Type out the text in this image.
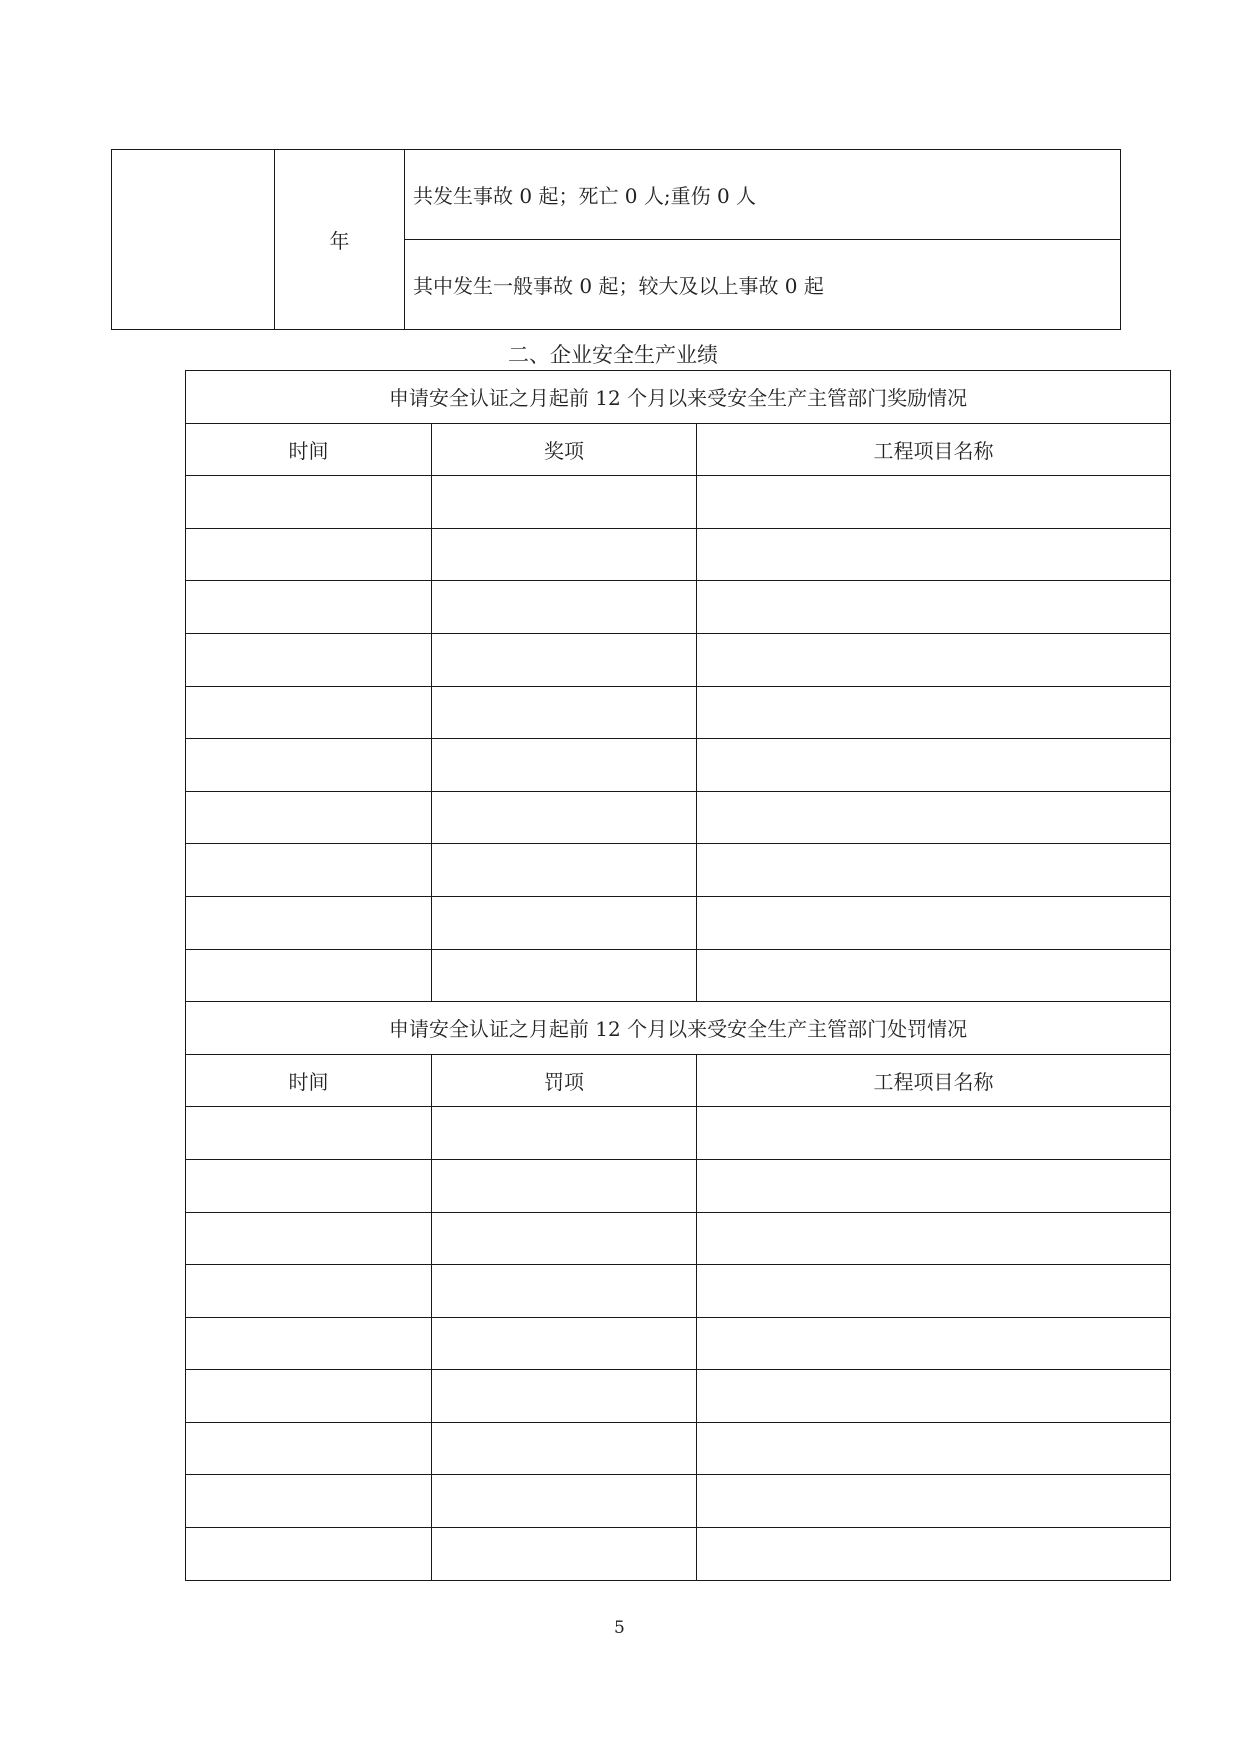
	年	共发生事故 0 起；死亡 0 人;重伤 0 人
其中发生一般事故 0 起；较大及以上事故 0 起
二、企业安全生产业绩
申请安全认证之月起前 12 个月以来受安全生产主管部门奖励情况		
时间	奖项	工程项目名称

申请安全认证之月起前 12 个月以来受安全生产主管部门处罚情况		
时间	罚项	工程项目名称

5
